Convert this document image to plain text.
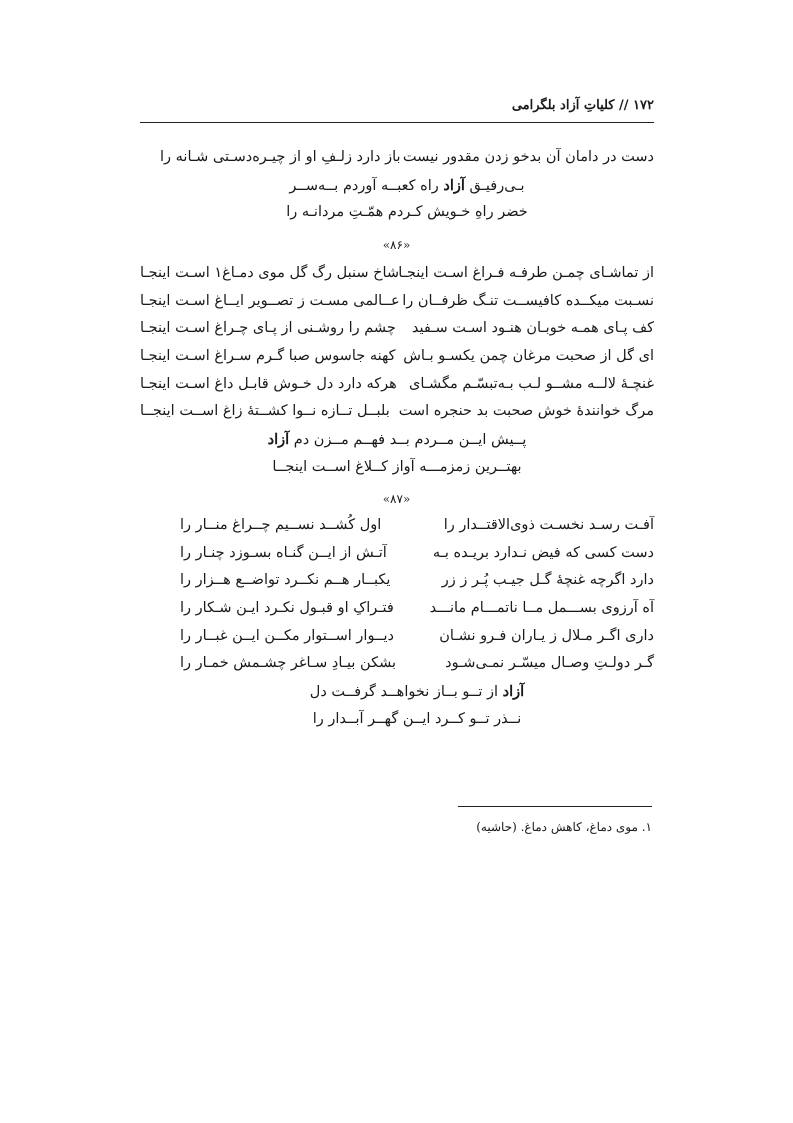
۱۷۲ // کلیاتِ آزاد بلگرامی
دست در دامان آن بدخو زدن مقدور نیست
باز دارد زلـفِ او از چیـره‌دسـتی شـانه را
بـی‌رفیـق آزاد راه کعبــه آوردم بــه‌ســر
خضر راهِ خـویش کـردم همّـتِ مردانـه را
«۸۶»
از تماشـای چمـن طرفـه فـراغ اسـت اینجـا
شاخ سنبل رگ گل موی دمـاغ۱ اسـت اینجـا
نسـبت میکــده کافیســت تنـگ ظرفــان را
عــالمی مسـت ز تصــویر ایــاغ اسـت اینجـا
کف پـای همـه خوبـان هنـود اسـت سـفید
چشم را روشـنی از پـای چـراغ اسـت اینجـا
ای گل از صحبت مرغان چمن یکسـو بـاش
کهنه جاسوس صبا گـرم سـراغ اسـت اینجـا
غنچـهٔ لالــه مشــو لـب بـه‌تبسّـم مگشـای
هرکه دارد دل خـوش قابـل داغ اسـت اینجـا
مرگ خوانندهٔ خوش صحبت بد حنجره است
بلبــل تــازه نــوا کشــتهٔ زاغ اســت اینجــا
پــیش ایــن مــردم بــد فهــم مــزن دم آزاد
بهتــرین زمزمـــه آواز کــلاغ اســت اینجــا
«۸۷»
آفـت رسـد نخسـت ذوی‌الاقتــدار را
اول کُشــد نســیم چــراغ منــار را
دست کسی که فیض نـدارد بریـده بـه
آتـش از ایــن گنـاه بسـوزد چنـار را
دارد اگرچه غنچهٔ گـل جیـب پُـر ز زر
یکبــار هــم نکــرد تواضــع هــزار را
آه آرزوی بســـمل مــا ناتمـــام مانـــد
فتـراکِ او قبـول نکـرد ایـن شـکار را
داری اگـر مـلال ز یـاران فـرو نشـان
دیــوار اســتوار مکــن ایــن غبــار را
گـر دولـتِ وصـال میسّـر نمـی‌شـود
بشکن بیـادِ سـاغر چشـمش خمـار را
آزاد از تــو بــاز نخواهــد گرفــت دل
نــذر تــو کــرد ایــن گهــر آبــدار را
۱. موی دماغ، کاهش دماغ. (حاشیه)
